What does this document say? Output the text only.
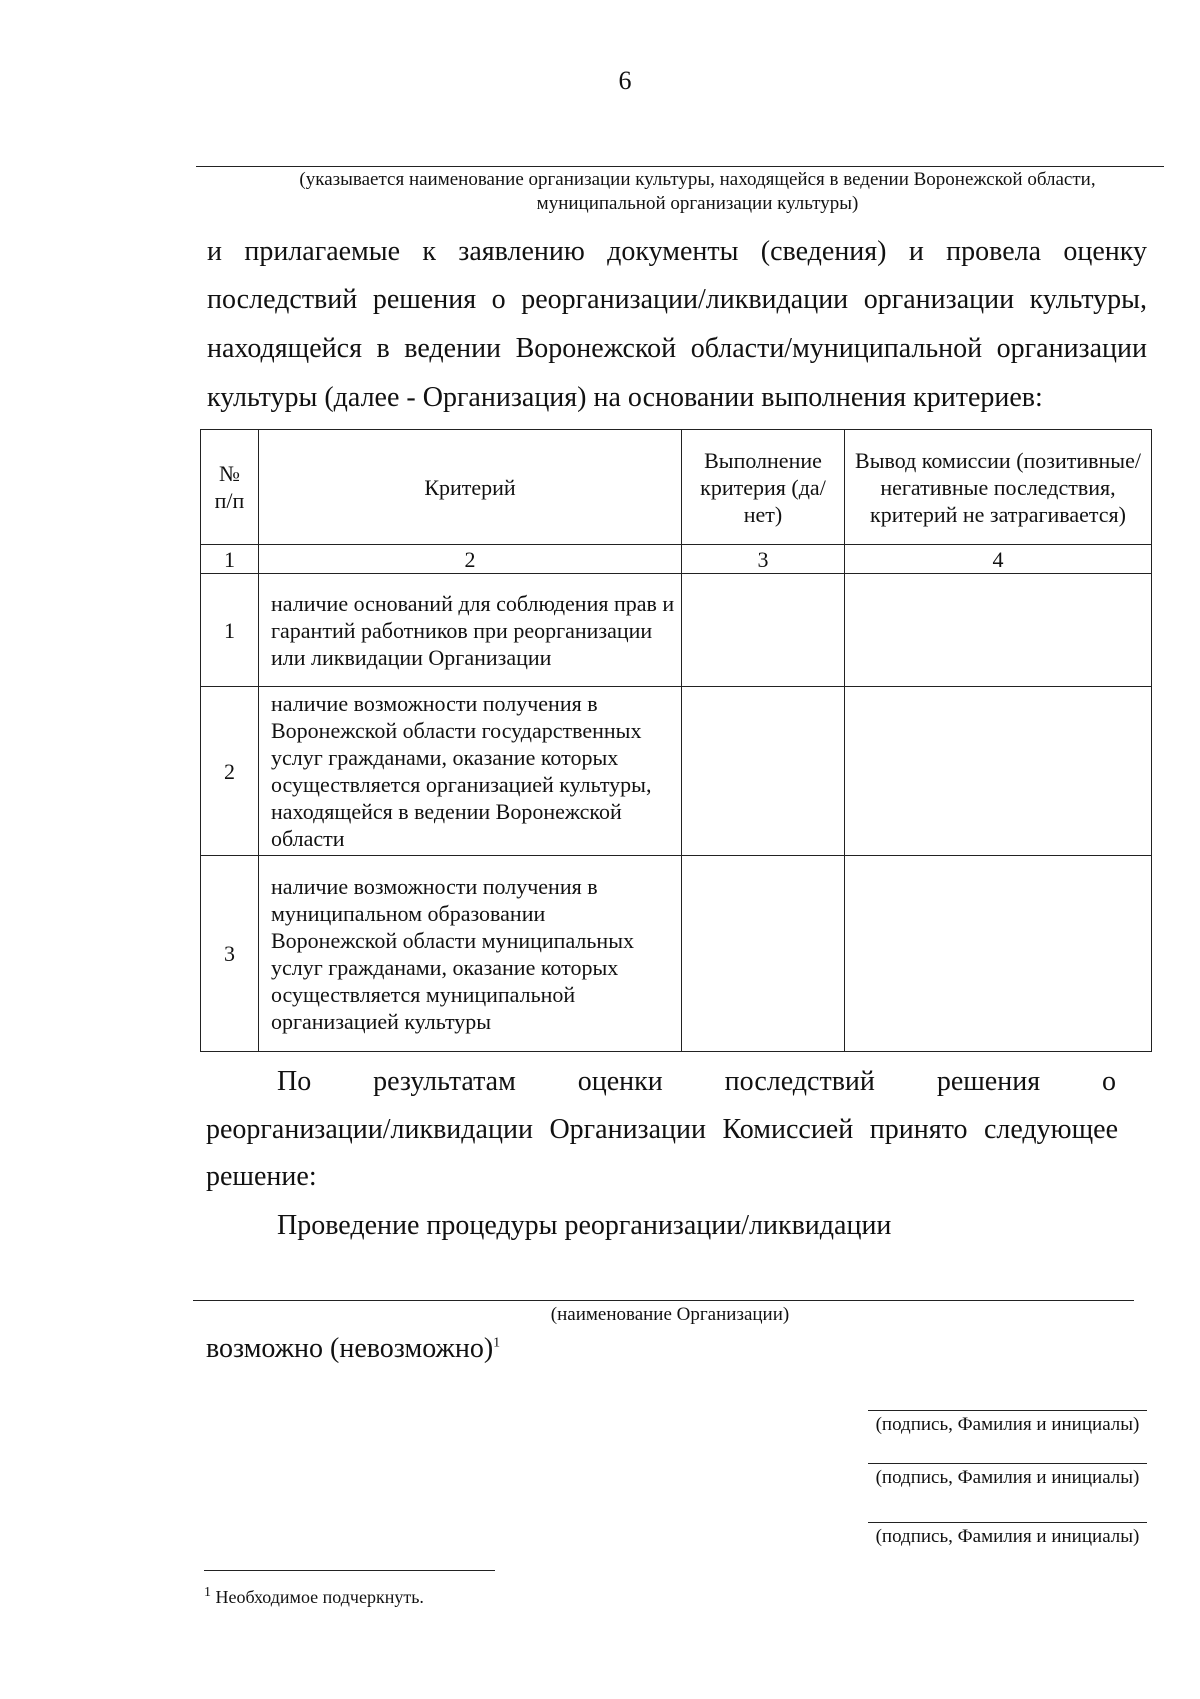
6
(указывается наименование организации культуры, находящейся в ведении Воронежской области,
муниципальной организации культуры)
и прилагаемые к заявлению документы (сведения) и провела оценку
последствий решения о реорганизации/ликвидации организации культуры,
находящейся в ведении Воронежской области/муниципальной организации
культуры (далее - Организация) на основании выполнения критериев:
№
п/п	Критерий	Выполнение критерия (да/нет)	Вывод комиссии (позитивные/негативные последствия, критерий не затрагивается)
1	2	3	4
1	наличие оснований для соблюдения прав и гарантий работников при реорганизации или ликвидации Организации		
2	наличие возможности получения в Воронежской области государственных услуг гражданами, оказание которых осуществляется организацией культуры, находящейся в ведении Воронежской области		
3	наличие возможности получения в муниципальном образовании Воронежской области муниципальных услуг гражданами, оказание которых осуществляется муниципальной организацией культуры		
По результатам оценки последствий решения о
реорганизации/ликвидации Организации Комиссией принято следующее
решение:
Проведение процедуры реорганизации/ликвидации
(наименование Организации)
возможно (невозможно)$^1$
(подпись, Фамилия и инициалы)
(подпись, Фамилия и инициалы)
(подпись, Фамилия и инициалы)
$^1$ Необходимое подчеркнуть.
